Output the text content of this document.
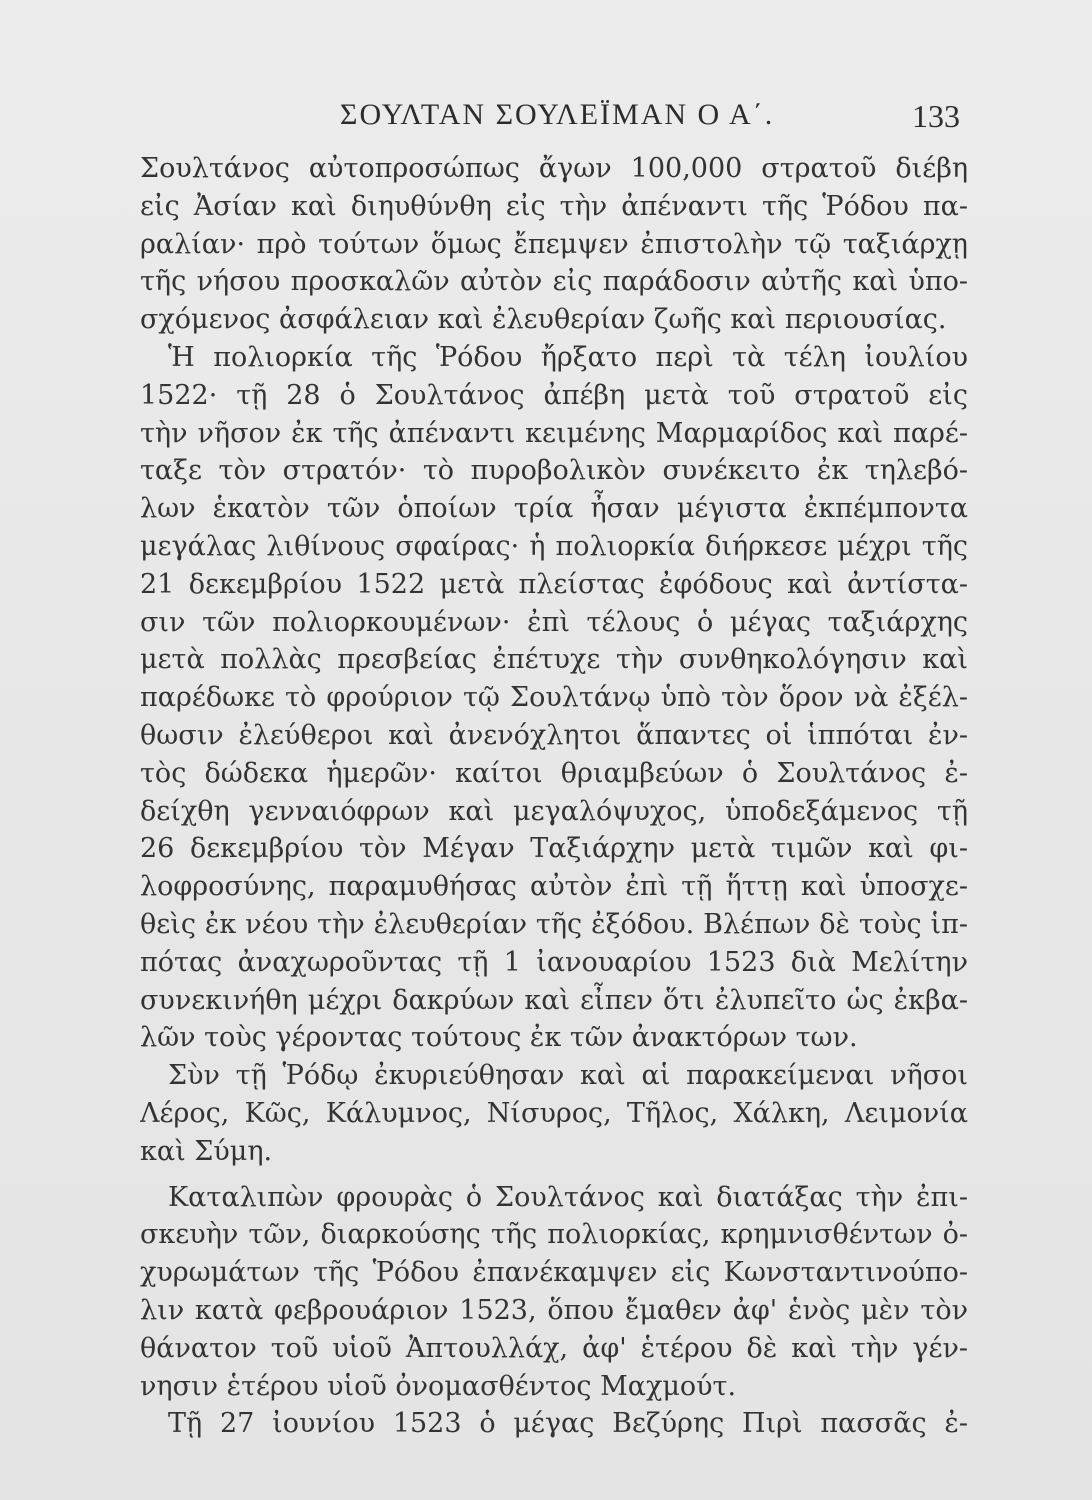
ΣΟΥΛΤΑΝ ΣΟΥΛΕΪΜΑΝ Ο Α΄.	133
Σουλτάνος αὐτοπροσώπως ἄγων 100,000 στρατοῦ διέβη
εἰς Ἀσίαν καὶ διηυθύνθη εἰς τὴν ἀπέναντι τῆς Ῥόδου πα-
ραλίαν· πρὸ τούτων ὅμως ἔπεμψεν ἐπιστολὴν τῷ ταξιάρχῃ
τῆς νήσου προσκαλῶν αὐτὸν εἰς παράδοσιν αὐτῆς καὶ ὑπο-
σχόμενος ἀσφάλειαν καὶ ἐλευθερίαν ζωῆς καὶ περιουσίας.
Ἡ πολιορκία τῆς Ῥόδου ἤρξατο περὶ τὰ τέλη ἰουλίου
1522· τῇ 28 ὁ Σουλτάνος ἀπέβη μετὰ τοῦ στρατοῦ εἰς
τὴν νῆσον ἐκ τῆς ἀπέναντι κειμένης Μαρμαρίδος καὶ παρέ-
ταξε τὸν στρατόν· τὸ πυροβολικὸν συνέκειτο ἐκ τηλεβό-
λων ἑκατὸν τῶν ὁποίων τρία ἦσαν μέγιστα ἐκπέμποντα
μεγάλας λιθίνους σφαίρας· ἡ πολιορκία διήρκεσε μέχρι τῆς
21 δεκεμβρίου 1522 μετὰ πλείστας ἐφόδους καὶ ἀντίστα-
σιν τῶν πολιορκουμένων· ἐπὶ τέλους ὁ μέγας ταξιάρχης
μετὰ πολλὰς πρεσβείας ἐπέτυχε τὴν συνθηκολόγησιν καὶ
παρέδωκε τὸ φρούριον τῷ Σουλτάνῳ ὑπὸ τὸν ὅρον νὰ ἐξέλ-
θωσιν ἐλεύθεροι καὶ ἀνενόχλητοι ἅπαντες οἱ ἱππόται ἐν-
τὸς δώδεκα ἡμερῶν· καίτοι θριαμβεύων ὁ Σουλτάνος ἐ-
δείχθη γενναιόφρων καὶ μεγαλόψυχος, ὑποδεξάμενος τῇ
26 δεκεμβρίου τὸν Μέγαν Ταξιάρχην μετὰ τιμῶν καὶ φι-
λοφροσύνης, παραμυθήσας αὐτὸν ἐπὶ τῇ ἥττῃ καὶ ὑποσχε-
θεὶς ἐκ νέου τὴν ἐλευθερίαν τῆς ἐξόδου. Βλέπων δὲ τοὺς ἱπ-
πότας ἀναχωροῦντας τῇ 1 ἰανουαρίου 1523 διὰ Μελίτην
συνεκινήθη μέχρι δακρύων καὶ εἶπεν ὅτι ἐλυπεῖτο ὡς ἐκβα-
λῶν τοὺς γέροντας τούτους ἐκ τῶν ἀνακτόρων των.
Σὺν τῇ Ῥόδῳ ἐκυριεύθησαν καὶ αἱ παρακείμεναι νῆσοι
Λέρος, Κῶς, Κάλυμνος, Νίσυρος, Τῆλος, Χάλκη, Λειμονία
καὶ Σύμη.
Καταλιπὼν φρουρὰς ὁ Σουλτάνος καὶ διατάξας τὴν ἐπι-
σκευὴν τῶν, διαρκούσης τῆς πολιορκίας, κρημνισθέντων ὀ-
χυρωμάτων τῆς Ῥόδου ἐπανέκαμψεν εἰς Κωνσταντινούπο-
λιν κατὰ φεβρουάριον 1523, ὅπου ἔμαθεν ἀφ' ἑνὸς μὲν τὸν
θάνατον τοῦ υἱοῦ Ἀπτουλλάχ, ἀφ' ἑτέρου δὲ καὶ τὴν γέν-
νησιν ἑτέρου υἱοῦ ὀνομασθέντος Μαχμούτ.
Τῇ 27 ἰουνίου 1523 ὁ μέγας Βεζύρης Πιρὶ πασσᾶς ἐ-
